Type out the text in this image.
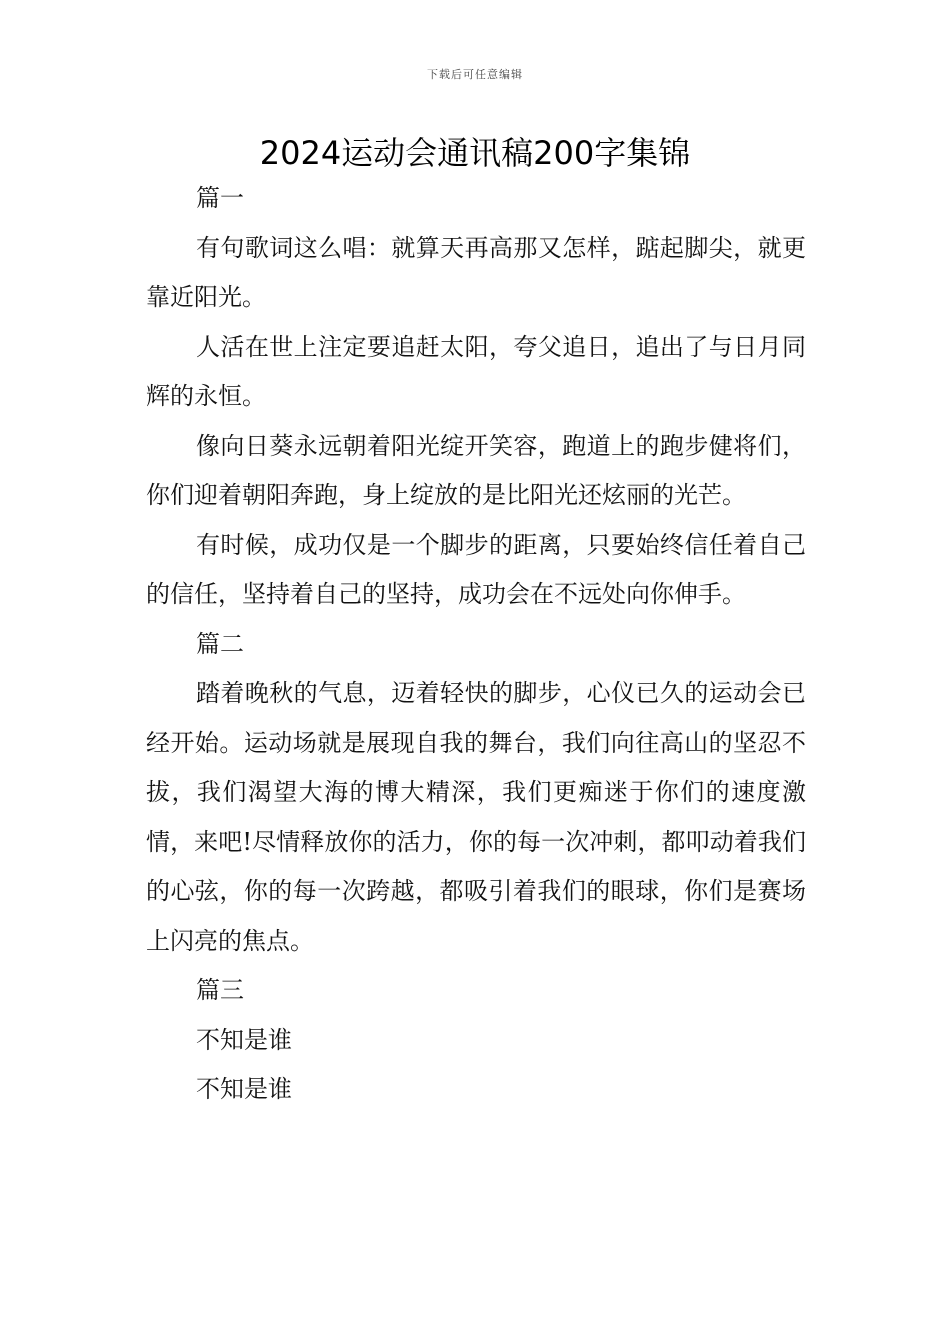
下载后可任意编辑
2024运动会通讯稿200字集锦

篇一

有句歌词这么唱：就算天再高那又怎样，踮起脚尖，就更靠近阳光。

人活在世上注定要追赶太阳，夸父追日，追出了与日月同辉的永恒。

像向日葵永远朝着阳光绽开笑容，跑道上的跑步健将们，你们迎着朝阳奔跑，身上绽放的是比阳光还炫丽的光芒。

有时候，成功仅是一个脚步的距离，只要始终信任着自己的信任，坚持着自己的坚持，成功会在不远处向你伸手。

篇二

踏着晚秋的气息，迈着轻快的脚步，心仪已久的运动会已经开始。运动场就是展现自我的舞台，我们向往高山的坚忍不拔，我们渴望大海的博大精深，我们更痴迷于你们的速度激情，来吧!尽情释放你的活力，你的每一次冲刺，都叩动着我们的心弦，你的每一次跨越，都吸引着我们的眼球，你们是赛场上闪亮的焦点。

篇三

不知是谁

不知是谁
